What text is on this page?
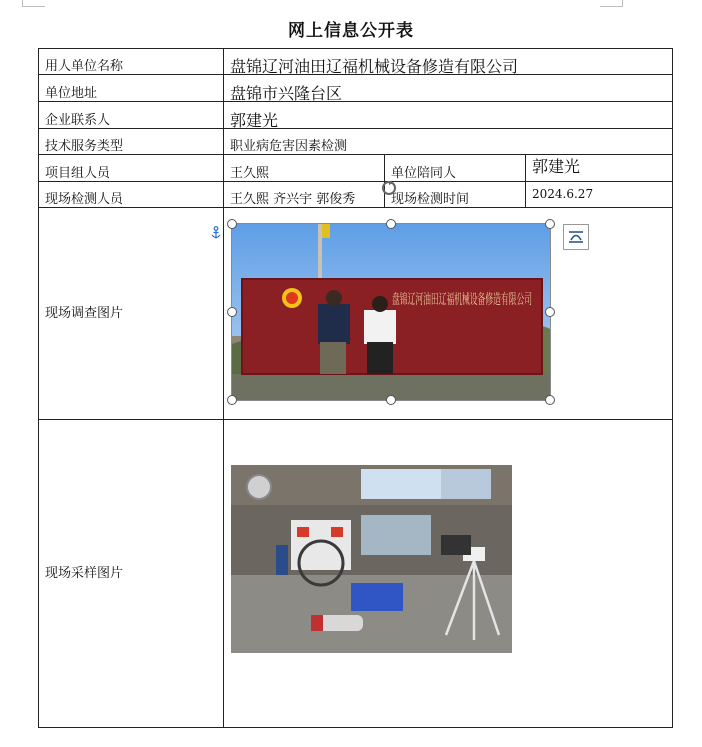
网上信息公开表
用人单位名称	盘锦辽河油田辽福机械设备修造有限公司		
单位地址	盘锦市兴隆台区		
企业联系人	郭建光		
技术服务类型	职业病危害因素检测		
项目组人员	王久熙	单位陪同人	郭建光
现场检测人员	王久熙 齐兴宇 郭俊秀	现场检测时间	2024.6.27
现场调查图片	盘锦辽河油田辽福机械设备修造有限公司		

现场采样图片	
